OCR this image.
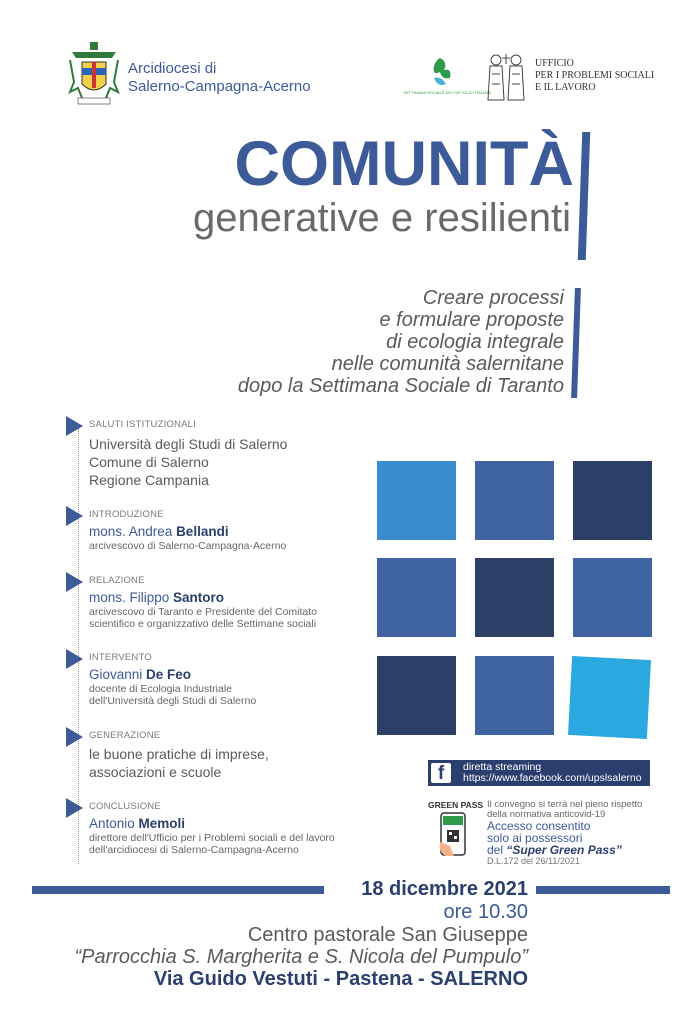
Arcidiocesi di
Salerno-Campagna-Acerno	SETTIMANA SOCIALE DEI CATTOLICI ITALIANI
UFFICIO
PER I PROBLEMI SOCIALI
E IL LAVORO
COMUNITÀ
generative e resilienti
Creare processi
e formulare proposte
di ecologia integrale
nelle comunità salernitane
dopo la Settimana Sociale di Taranto
SALUTI ISTITUZIONALI
Università degli Studi di Salerno
Comune di Salerno
Regione Campania
INTRODUZIONE
mons. Andrea Bellandi
arcivescovo di Salerno-Campagna-Acerno
RELAZIONE
mons. Filippo Santoro
arcivescovo di Taranto e Presidente del Comitato
scientifico e organizzativo delle Settimane sociali
INTERVENTO
Giovanni De Feo
docente di Ecologia Industriale
dell'Università degli Studi di Salerno
GENERAZIONE
le buone pratiche di imprese,
associazioni e scuole
CONCLUSIONE
Antonio Memoli
direttore dell'Ufficio per i Problemi sociali e del lavoro
dell'arcidiocesi di Salerno-Campagna-Acerno
f	diretta streaming
https://www.facebook.com/upslsalerno
GREEN PASS Il convegno si terrà nel pieno rispetto
della normativa anticovid-19
Accesso consentito
solo ai possessori
del “Super Green Pass”
D.L.172 del 26/11/2021
18 dicembre 2021
ore 10.30
Centro pastorale San Giuseppe
“Parrocchia S. Margherita e S. Nicola del Pumpulo”
Via Guido Vestuti - Pastena - SALERNO
